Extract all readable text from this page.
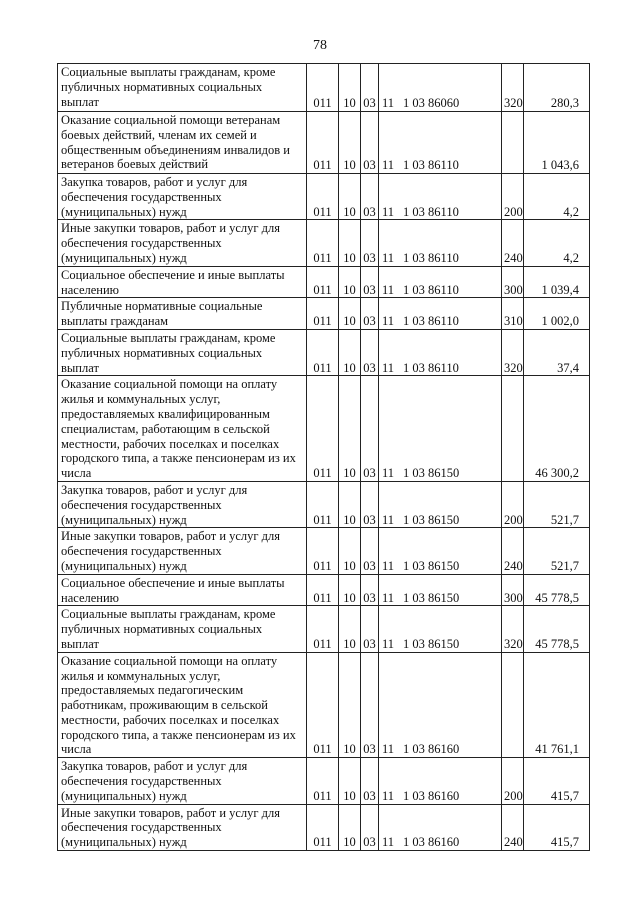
78
Социальные выплаты гражданам, кроме публичных нормативных социальных выплат	011	10	03	11 1 03 86060	320	280,3
Оказание социальной помощи ветеранам боевых действий, членам их семей и общественным объединениям инвалидов и ветеранов боевых действий	011	10	03	11 1 03 86110		1 043,6
Закупка товаров, работ и услуг для обеспечения государственных (муниципальных) нужд	011	10	03	11 1 03 86110	200	4,2
Иные закупки товаров, работ и услуг для обеспечения государственных (муниципальных) нужд	011	10	03	11 1 03 86110	240	4,2
Социальное обеспечение и иные выплаты населению	011	10	03	11 1 03 86110	300	1 039,4
Публичные нормативные социальные выплаты гражданам	011	10	03	11 1 03 86110	310	1 002,0
Социальные выплаты гражданам, кроме публичных нормативных социальных выплат	011	10	03	11 1 03 86110	320	37,4
Оказание социальной помощи на оплату жилья и коммунальных услуг, предоставляемых квалифицированным специалистам, работающим в сельской местности, рабочих поселках и поселках городского типа, а также пенсионерам из их числа	011	10	03	11 1 03 86150		46 300,2
Закупка товаров, работ и услуг для обеспечения государственных (муниципальных) нужд	011	10	03	11 1 03 86150	200	521,7
Иные закупки товаров, работ и услуг для обеспечения государственных (муниципальных) нужд	011	10	03	11 1 03 86150	240	521,7
Социальное обеспечение и иные выплаты населению	011	10	03	11 1 03 86150	300	45 778,5
Социальные выплаты гражданам, кроме публичных нормативных социальных выплат	011	10	03	11 1 03 86150	320	45 778,5
Оказание социальной помощи на оплату жилья и коммунальных услуг, предоставляемых педагогическим работникам, проживающим в сельской местности, рабочих поселках и поселках городского типа, а также пенсионерам из их числа	011	10	03	11 1 03 86160		41 761,1
Закупка товаров, работ и услуг для обеспечения государственных (муниципальных) нужд	011	10	03	11 1 03 86160	200	415,7
Иные закупки товаров, работ и услуг для обеспечения государственных (муниципальных) нужд	011	10	03	11 1 03 86160	240	415,7
